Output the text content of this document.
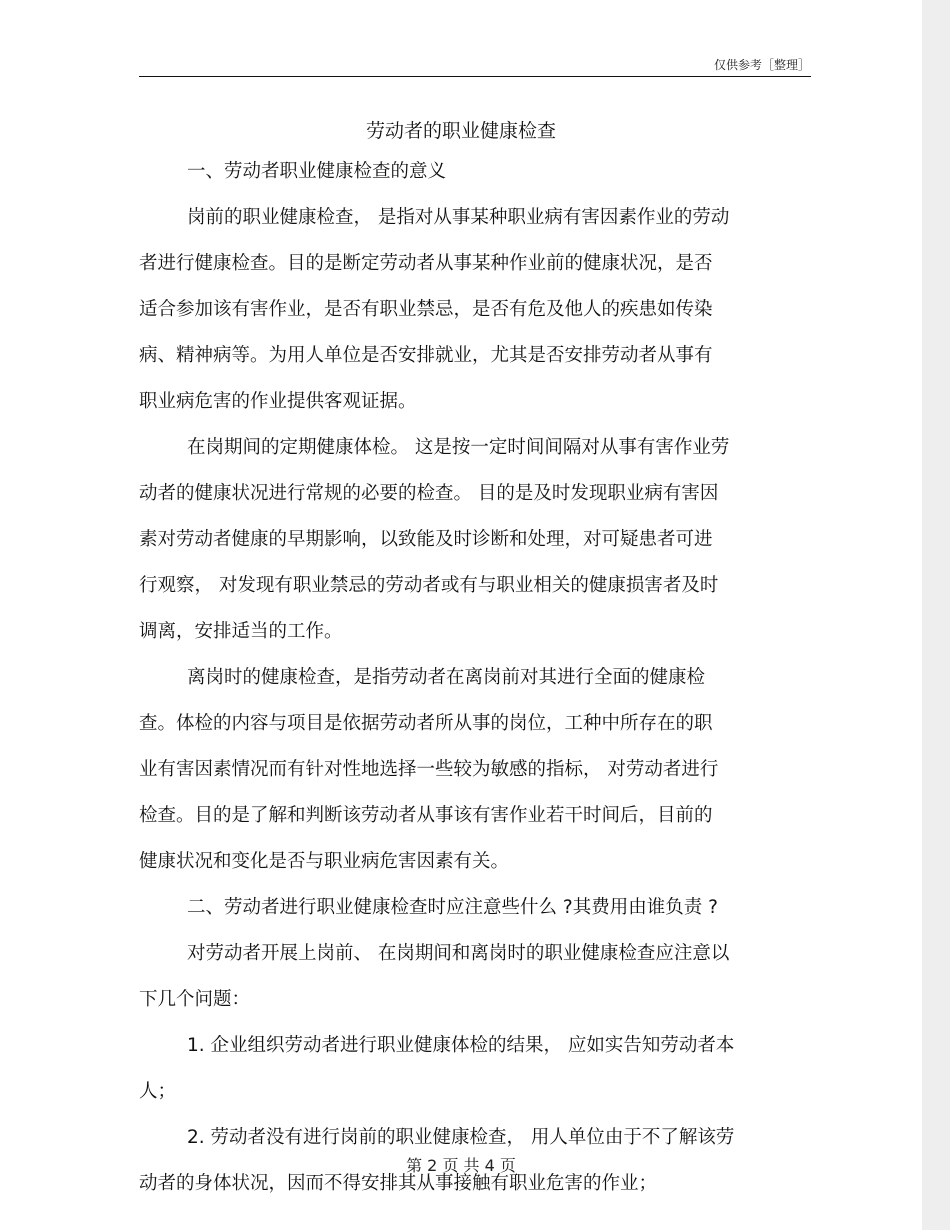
仅供参考［整理］
劳动者的职业健康检查
一、劳动者职业健康检查的意义
岗前的职业健康检查， 是指对从事某种职业病有害因素作业的劳动
者进行健康检查。目的是断定劳动者从事某种作业前的健康状况，是否
适合参加该有害作业，是否有职业禁忌，是否有危及他人的疾患如传染
病、精神病等。为用人单位是否安排就业，尤其是否安排劳动者从事有
职业病危害的作业提供客观证据。
在岗期间的定期健康体检。 这是按一定时间间隔对从事有害作业劳
动者的健康状况进行常规的必要的检查。 目的是及时发现职业病有害因
素对劳动者健康的早期影响，以致能及时诊断和处理，对可疑患者可进
行观察， 对发现有职业禁忌的劳动者或有与职业相关的健康损害者及时
调离，安排适当的工作。
离岗时的健康检查，是指劳动者在离岗前对其进行全面的健康检
查。体检的内容与项目是依据劳动者所从事的岗位，工种中所存在的职
业有害因素情况而有针对性地选择一些较为敏感的指标， 对劳动者进行
检查。目的是了解和判断该劳动者从事该有害作业若干时间后，目前的
健康状况和变化是否与职业病危害因素有关。
二、劳动者进行职业健康检查时应注意些什么 ?其费用由谁负责 ?
对劳动者开展上岗前、 在岗期间和离岗时的职业健康检查应注意以
下几个问题：
1. 企业组织劳动者进行职业健康体检的结果， 应如实告知劳动者本
人；
2. 劳动者没有进行岗前的职业健康检查， 用人单位由于不了解该劳
动者的身体状况，因而不得安排其从事接触有职业危害的作业；
第 2 页 共 4 页
